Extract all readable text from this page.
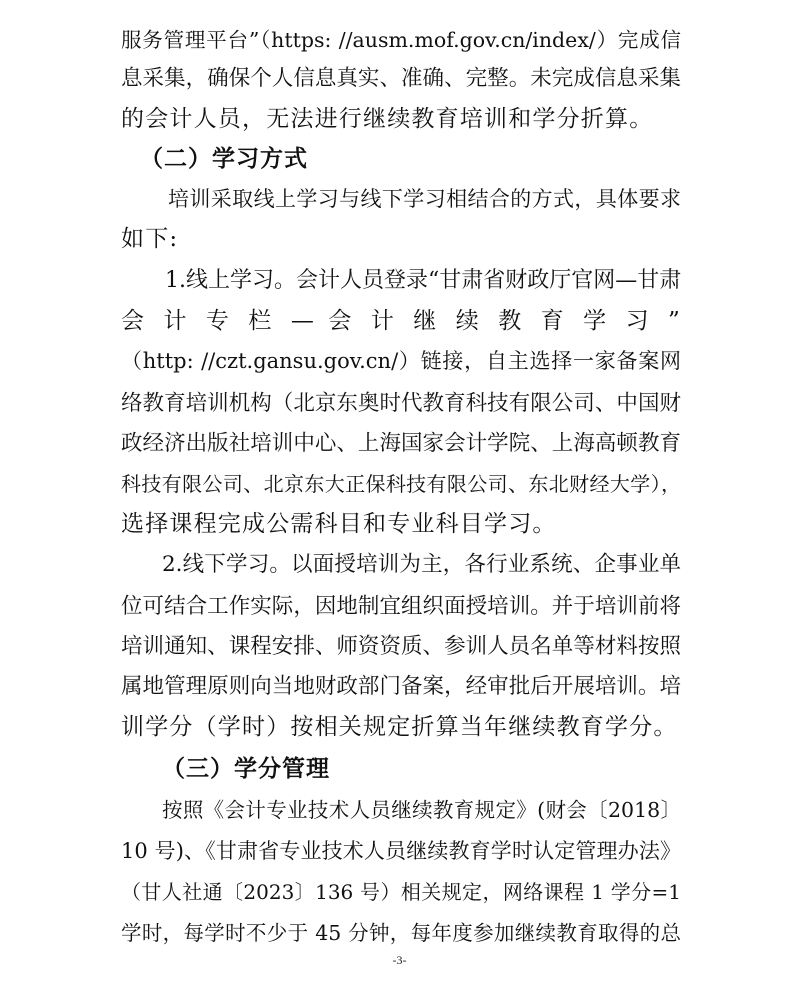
服务管理平台”（https: //ausm.mof.gov.cn/index/）完成信
息采集，确保个人信息真实、准确、完整。未完成信息采集
的会计人员，无法进行继续教育培训和学分折算。
（二）学习方式
培训采取线上学习与线下学习相结合的方式，具体要求
如下:
1.线上学习。会计人员登录“甘肃省财政厅官网—甘肃
会 计 专 栏 — 会 计 继 续 教 育 学 习 ”
（http: //czt.gansu.gov.cn/）链接，自主选择一家备案网
络教育培训机构（北京东奥时代教育科技有限公司、中国财
政经济出版社培训中心、上海国家会计学院、上海高顿教育
科技有限公司、北京东大正保科技有限公司、东北财经大学），
选择课程完成公需科目和专业科目学习。
2.线下学习。以面授培训为主，各行业系统、企事业单
位可结合工作实际，因地制宜组织面授培训。并于培训前将
培训通知、课程安排、师资资质、参训人员名单等材料按照
属地管理原则向当地财政部门备案，经审批后开展培训。培
训学分（学时）按相关规定折算当年继续教育学分。
（三）学分管理
按照《会计专业技术人员继续教育规定》(财会〔2018〕
10 号)、《甘肃省专业技术人员继续教育学时认定管理办法》
（甘人社通〔2023〕136 号）相关规定，网络课程 1 学分=1
学时，每学时不少于 45 分钟，每年度参加继续教育取得的总
-3-
